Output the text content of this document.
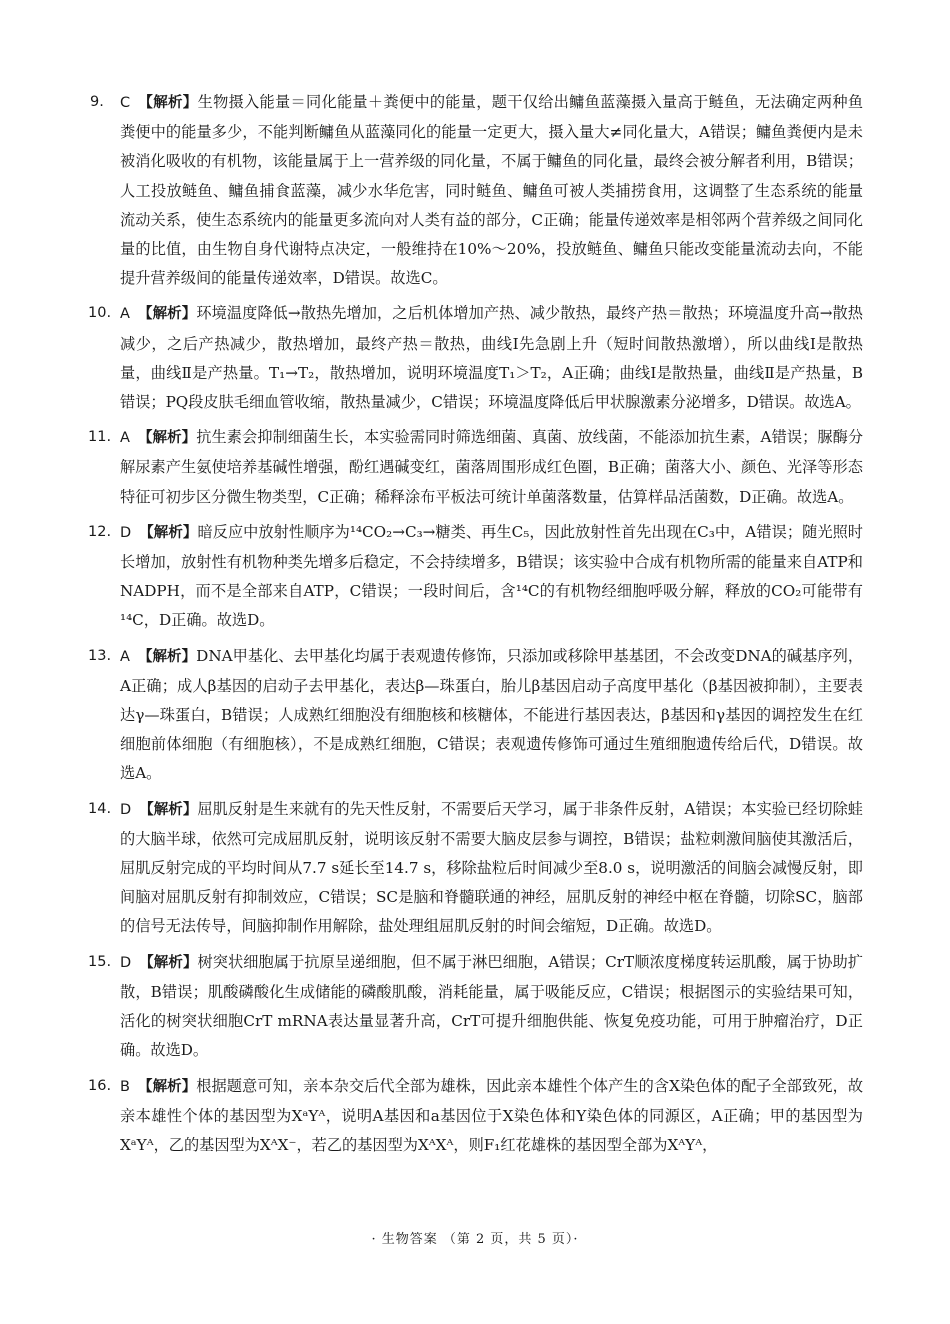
9. C 【解析】生物摄入能量＝同化能量＋粪便中的能量，题干仅给出鳙鱼蓝藻摄入量高于鲢鱼，无法确定两种鱼粪便中的能量多少，不能判断鳙鱼从蓝藻同化的能量一定更大，摄入量大≠同化量大，A错误；鳙鱼粪便内是未被消化吸收的有机物，该能量属于上一营养级的同化量，不属于鳙鱼的同化量，最终会被分解者利用，B错误；人工投放鲢鱼、鳙鱼捕食蓝藻，减少水华危害，同时鲢鱼、鳙鱼可被人类捕捞食用，这调整了生态系统的能量流动关系，使生态系统内的能量更多流向对人类有益的部分，C正确；能量传递效率是相邻两个营养级之间同化量的比值，由生物自身代谢特点决定，一般维持在10%～20%，投放鲢鱼、鳙鱼只能改变能量流动去向，不能提升营养级间的能量传递效率，D错误。故选C。
10. A 【解析】环境温度降低→散热先增加，之后机体增加产热、减少散热，最终产热＝散热；环境温度升高→散热减少，之后产热减少，散热增加，最终产热＝散热，曲线Ⅰ先急剧上升（短时间散热激增），所以曲线Ⅰ是散热量，曲线Ⅱ是产热量。T₁→T₂，散热增加，说明环境温度T₁＞T₂，A正确；曲线Ⅰ是散热量，曲线Ⅱ是产热量，B错误；PQ段皮肤毛细血管收缩，散热量减少，C错误；环境温度降低后甲状腺激素分泌增多，D错误。故选A。
11. A 【解析】抗生素会抑制细菌生长，本实验需同时筛选细菌、真菌、放线菌，不能添加抗生素，A错误；脲酶分解尿素产生氨使培养基碱性增强，酚红遇碱变红，菌落周围形成红色圈，B正确；菌落大小、颜色、光泽等形态特征可初步区分微生物类型，C正确；稀释涂布平板法可统计单菌落数量，估算样品活菌数，D正确。故选A。
12. D 【解析】暗反应中放射性顺序为¹⁴CO₂→C₃→糖类、再生C₅，因此放射性首先出现在C₃中，A错误；随光照时长增加，放射性有机物种类先增多后稳定，不会持续增多，B错误；该实验中合成有机物所需的能量来自ATP和NADPH，而不是全部来自ATP，C错误；一段时间后，含¹⁴C的有机物经细胞呼吸分解，释放的CO₂可能带有¹⁴C，D正确。故选D。
13. A 【解析】DNA甲基化、去甲基化均属于表观遗传修饰，只添加或移除甲基基团，不会改变DNA的碱基序列，A正确；成人β基因的启动子去甲基化，表达β—珠蛋白，胎儿β基因启动子高度甲基化（β基因被抑制），主要表达γ—珠蛋白，B错误；人成熟红细胞没有细胞核和核糖体，不能进行基因表达，β基因和γ基因的调控发生在红细胞前体细胞（有细胞核），不是成熟红细胞，C错误；表观遗传修饰可通过生殖细胞遗传给后代，D错误。故选A。
14. D 【解析】屈肌反射是生来就有的先天性反射，不需要后天学习，属于非条件反射，A错误；本实验已经切除蛙的大脑半球，依然可完成屈肌反射，说明该反射不需要大脑皮层参与调控，B错误；盐粒刺激间脑使其激活后，屈肌反射完成的平均时间从7.7 s延长至14.7 s，移除盐粒后时间减少至8.0 s，说明激活的间脑会减慢反射，即间脑对屈肌反射有抑制效应，C错误；SC是脑和脊髓联通的神经，屈肌反射的神经中枢在脊髓，切除SC，脑部的信号无法传导，间脑抑制作用解除，盐处理组屈肌反射的时间会缩短，D正确。故选D。
15. D 【解析】树突状细胞属于抗原呈递细胞，但不属于淋巴细胞，A错误；CrT顺浓度梯度转运肌酸，属于协助扩散，B错误；肌酸磷酸化生成储能的磷酸肌酸，消耗能量，属于吸能反应，C错误；根据图示的实验结果可知，活化的树突状细胞CrT mRNA表达量显著升高，CrT可提升细胞供能、恢复免疫功能，可用于肿瘤治疗，D正确。故选D。
16. B 【解析】根据题意可知，亲本杂交后代全部为雄株，因此亲本雄性个体产生的含X染色体的配子全部致死，故亲本雄性个体的基因型为XᵃYᴬ，说明A基因和a基因位于X染色体和Y染色体的同源区，A正确；甲的基因型为XᵃYᴬ，乙的基因型为XᴬX⁻，若乙的基因型为XᴬXᴬ，则F₁红花雄株的基因型全部为XᴬYᴬ，
· 生物答案 （第 2 页，共 5 页）·
